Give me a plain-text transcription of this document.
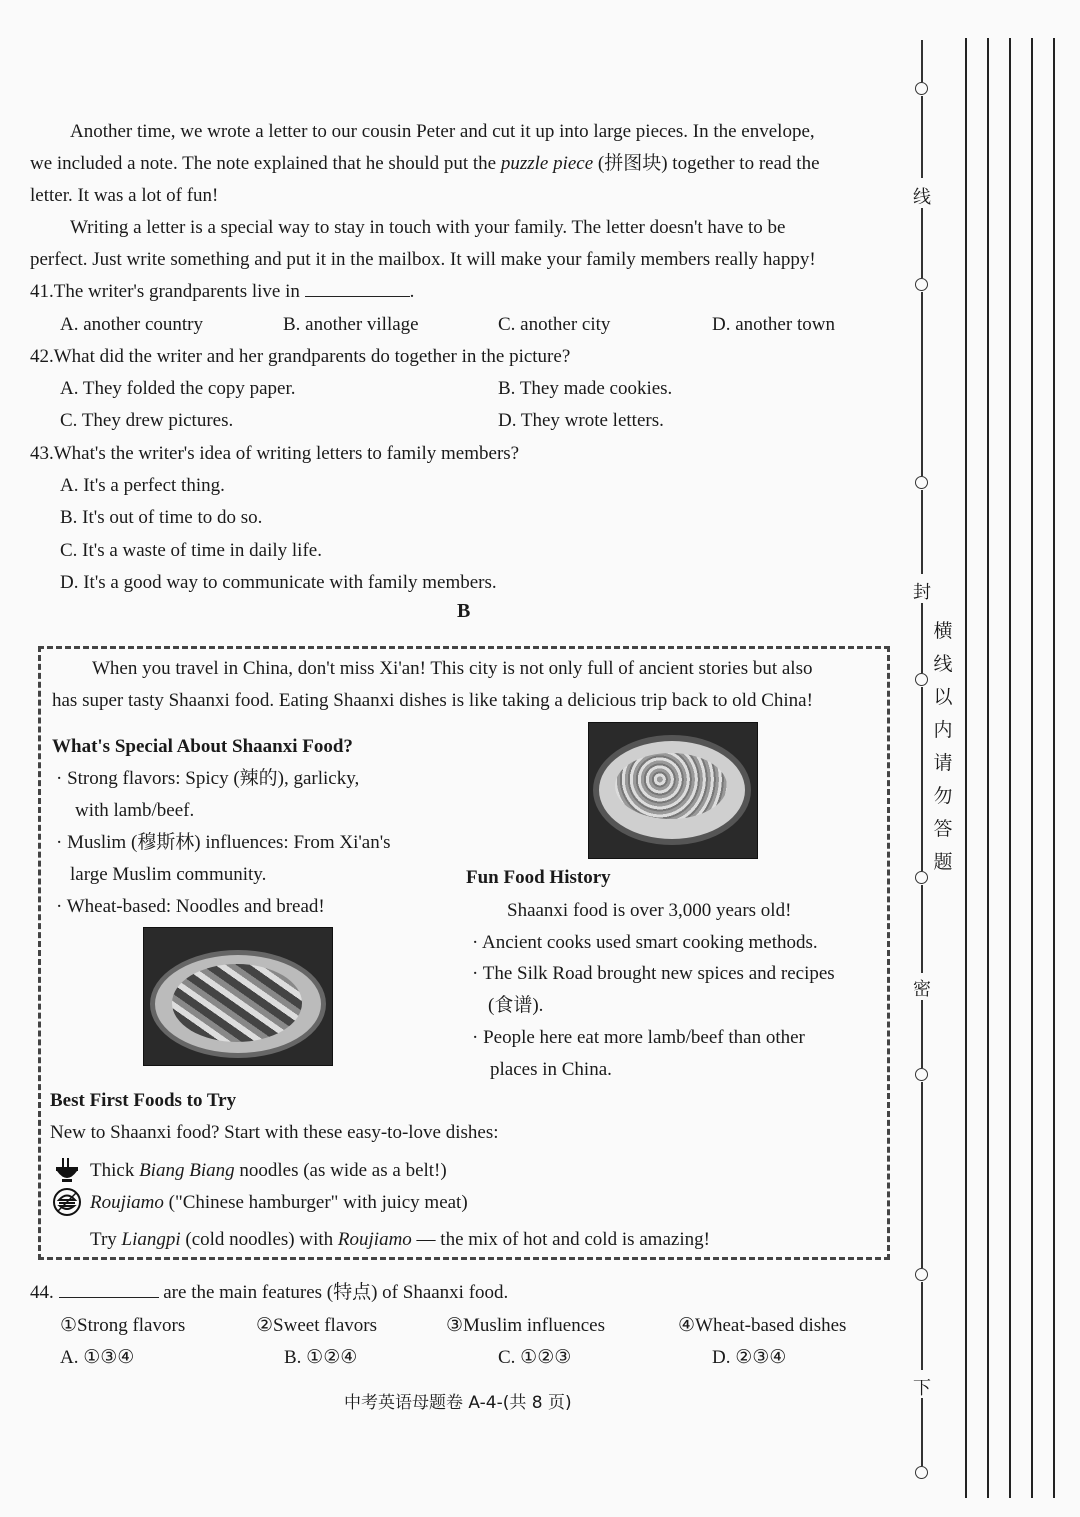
Another time, we wrote a letter to our cousin Peter and cut it up into large pieces. In the envelope,
we included a note. The note explained that he should put the puzzle piece (拼图块) together to read the
letter. It was a lot of fun!
Writing a letter is a special way to stay in touch with your family. The letter doesn't have to be
perfect. Just write something and put it in the mailbox. It will make your family members really happy!
41.The writer's grandparents live in	.
A. another country	B. another village	C. another city	D. another town
42.What did the writer and her grandparents do together in the picture?
A. They folded the copy paper.	B. They made cookies.
C. They drew pictures.	D. They wrote letters.
43.What's the writer's idea of writing letters to family members?
A. It's a perfect thing.
B. It's out of time to do so.
C. It's a waste of time in daily life.
D. It's a good way to communicate with family members.
B
When you travel in China, don't miss Xi'an! This city is not only full of ancient stories but also
has super tasty Shaanxi food. Eating Shaanxi dishes is like taking a delicious trip back to old China!
What's Special About Shaanxi Food?
· Strong flavors: Spicy (辣的), garlicky,
with lamb/beef.
· Muslim (穆斯林) influences: From Xi'an's
large Muslim community.
· Wheat-based: Noodles and bread!
Fun Food History
Shaanxi food is over 3,000 years old!
· Ancient cooks used smart cooking methods.
· The Silk Road brought new spices and recipes
(食谱).
· People here eat more lamb/beef than other
places in China.
Best First Foods to Try
New to Shaanxi food? Start with these easy-to-love dishes:
Thick Biang Biang noodles (as wide as a belt!)
Roujiamo ("Chinese hamburger" with juicy meat)
Try Liangpi (cold noodles) with Roujiamo — the mix of hot and cold is amazing!
44.	are the main features (特点) of Shaanxi food.
①Strong flavors	②Sweet flavors	③Muslim influences	④Wheat-based dishes
A. ①③④	B. ①②④	C. ①②③	D. ②③④
中考英语母题卷 A-4-(共 8 页)
线
封
密
下
横
线
以
内
请
勿
答
题
